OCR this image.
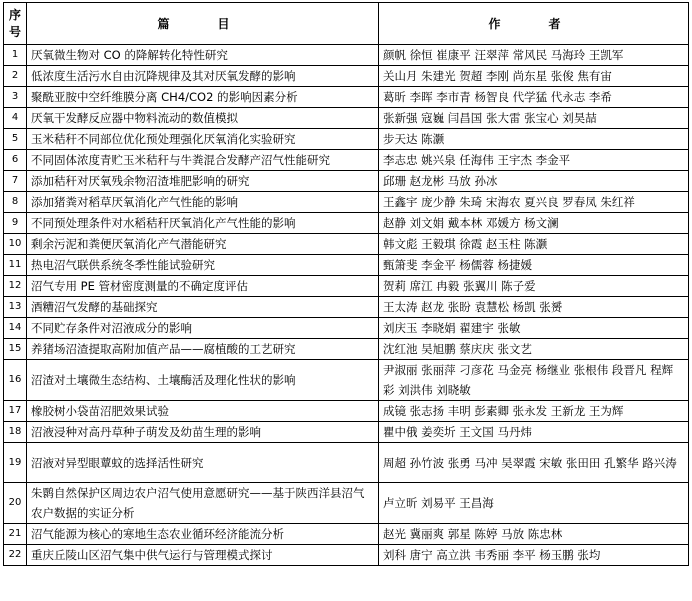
序号	篇　目	作　者
1	厌氧微生物对 CO 的降解转化特性研究	颜帆 徐恒 崔康平 汪翠萍 常风民 马海玲 王凯军
2	低浓度生活污水自由沉降规律及其对厌氧发酵的影响	关山月 朱建光 贺超 李刚 尚东星 张俊 焦有宙
3	聚酰亚胺中空纤维膜分离 CH4/CO2 的影响因素分析	葛昕 李晖 李市青 杨智良 代学猛 代永志 李希
4	厌氧干发酵反应器中物料流动的数值模拟	张新强 寇巍 闫昌国 张大雷 张宝心 刘昊喆
5	玉米秸秆不同部位优化预处理强化厌氧消化实验研究	步天达 陈灏
6	不同固体浓度青贮玉米秸秆与牛粪混合发酵产沼气性能研究	李志忠 姚兴泉 任海伟 王宇杰 李金平
7	添加秸秆对厌氧残余物沼渣堆肥影响的研究	邱珊 赵龙彬 马放 孙冰
8	添加猪粪对稻草厌氧消化产气性能的影响	王鑫宇 庞少静 朱琦 宋海农 夏兴良 罗春凤 朱红祥
9	不同预处理条件对水稻秸秆厌氧消化产气性能的影响	赵静 刘文娟 戴本林 邓媛方 杨文澜
10	剩余污泥和粪便厌氧消化产气潜能研究	韩文彪 王毅琪 徐霞 赵玉柱 陈灏
11	热电沼气联供系统冬季性能试验研究	甄箫斐 李金平 杨儒蓉 杨捷媛
12	沼气专用 PE 管材密度测量的不确定度评估	贺莉 席江 冉毅 张翼川 陈子爱
13	酒糟沼气发酵的基础探究	王太涛 赵龙 张盼 袁慧松 杨凯 张赟
14	不同贮存条件对沼液成分的影响	刘庆玉 李晓娟 翟建宇 张敏
15	养猪场沼渣提取高附加值产品——腐植酸的工艺研究	沈红池 吴旭鹏 蔡庆庆 张文艺
16	沼渣对土壤微生态结构、土壤酶活及理化性状的影响	尹淑丽 张丽萍 刁彦花 马金亮 杨继业 张根伟 段晋凡 程辉彩 刘洪伟 刘晓敏
17	橡胶树小袋苗沼肥效果试验	成镜 张志扬 丰明 彭素卿 张永发 王新龙 王为辉
18	沼液浸种对高丹草种子萌发及幼苗生理的影响	瞿中俄 姜奕圻 王文国 马丹炜
19	沼液对异型眼蕈蚊的选择活性研究	周超 孙竹波 张勇 马冲 吴翠霞 宋敏 张田田 孔繁华 路兴涛
20	朱鹮自然保护区周边农户沼气使用意愿研究——基于陕西洋县沼气农户数据的实证分析	卢立昕 刘易平 王昌海
21	沼气能源为核心的寒地生态农业循环经济能流分析	赵光 冀丽爽 郭星 陈婷 马放 陈忠林
22	重庆丘陵山区沼气集中供气运行与管理模式探讨	刘科 唐宁 高立洪 韦秀丽 李平 杨玉鹏 张均
